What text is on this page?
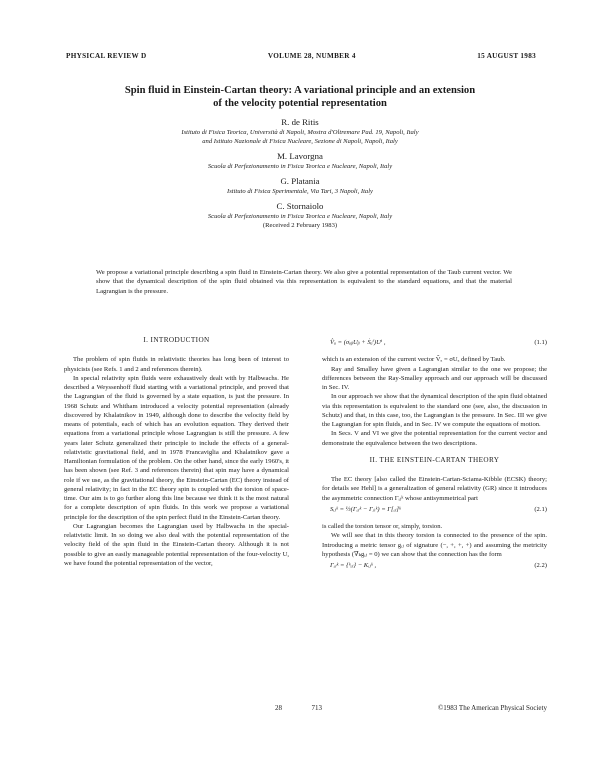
PHYSICAL REVIEW D	VOLUME 28, NUMBER 4	15 AUGUST 1983
Spin fluid in Einstein-Cartan theory: A variational principle and an extension
of the velocity potential representation
R. de Ritis
Istituto di Fisica Teorica, Università di Napoli, Mostra d'Oltremare Pad. 19, Napoli, Italy
and Istituto Nazionale di Fisica Nucleare, Sezione di Napoli, Napoli, Italy
M. Lavorgna
Scuola di Perfezionamento in Fisica Teorica e Nucleare, Napoli, Italy
G. Platania
Istituto di Fisica Sperimentale, Via Tari, 3 Napoli, Italy
C. Stornaiolo
Scuola di Perfezionamento in Fisica Teorica e Nucleare, Napoli, Italy
(Received 2 February 1983)
We propose a variational principle describing a spin fluid in Einstein-Cartan theory. We also give a potential representation of the Taub current vector. We show that the dynamical description of the spin fluid obtained via this representation is equivalent to the standard equations, and that the material Lagrangian is the pressure.
I. INTRODUCTION

The problem of spin fluids in relativistic theories has long been of interest to physicists (see Refs. 1 and 2 and references therein).

In special relativity spin fluids were exhaustively dealt with by Halbwachs. He described a Weyssenhoff fluid starting with a variational principle, and proved that the Lagrangian of the fluid is governed by a state equation, is just the pressure. In 1968 Schutz and Whitham introduced a velocity potential representation (already discovered by Khalatnikov in 1949, although done to describe the velocity field by means of potentials, each of which has an evolution equation. They derived their equations from a variational principle whose Lagrangian is still the pressure. A few years later Schutz generalized their principle to include the effects of a general-relativistic gravitational field, and in 1978 Francaviglia and Khalatnikov gave a Hamiltonian formulation of the problem. On the other hand, since the early 1960's, it has been shown (see Ref. 3 and references therein) that spin may have a dynamical role if we use, as the gravitational theory, the Einstein-Cartan (EC) theory instead of general relativity; in fact in the EC theory spin is coupled with the torsion of space-time. Our aim is to go further along this line because we think it is the most natural for a complete description of spin fluids. In this work we propose a variational principle for the description of the spin perfect fluid in the Einstein-Cartan theory.

Our Lagrangian becomes the Lagrangian used by Halbwachs in the special-relativistic limit. In so doing we also deal with the potential representation of the velocity field of the spin fluid in the Einstein-Cartan theory. Although it is not possible to give an easily manageable potential representation of the four-velocity U, we have found the potential representation of the vector,

V̂ₐ = (σₐᵦUᵦ + Ṡₐⁱ)Uⁱ ,	(1.1)

which is an extension of the current vector V̂ₐ = σUₐ defined by Taub.

Ray and Smalley have given a Lagrangian similar to the one we propose; the differences between the Ray-Smalley approach and our approach will be discussed in Sec. IV.

In our approach we show that the dynamical description of the spin fluid obtained via this representation is equivalent to the standard one (see, also, the discussion in Schutz) and that, in this case, too, the Lagrangian is the pressure. In Sec. III we give the Lagrangian for spin fluids, and in Sec. IV we compute the equations of motion.

In Secs. V and VI we give the potential representation for the current vector and demonstrate the equivalence between the two descriptions.

II. THE EINSTEIN-CARTAN THEORY

The EC theory [also called the Einstein-Cartan-Sciama-Kibble (ECSK) theory; for details see Hehl] is a generalization of general relativity (GR) since it introduces the asymmetric connection Γᵢⱼᵏ whose antisymmetrical part

Sᵢⱼᵏ = ½(Γᵢⱼᵏ − Γⱼᵢᵏ) = Γ[ᵢⱼ]ᵏ	(2.1)

is called the torsion tensor or, simply, torsion.

We will see that in this theory torsion is connected to the presence of the spin. Introducing a metric tensor gᵢⱼ of signature (−, +, +, +) and assuming the metricity hypothesis (∇ₖgᵢⱼ = 0) we can show that the connection has the form

Γᵢⱼᵏ = {ᵏᵢⱼ} − Kᵢⱼᵏ ,	(2.2)
28	713	©1983 The American Physical Society
